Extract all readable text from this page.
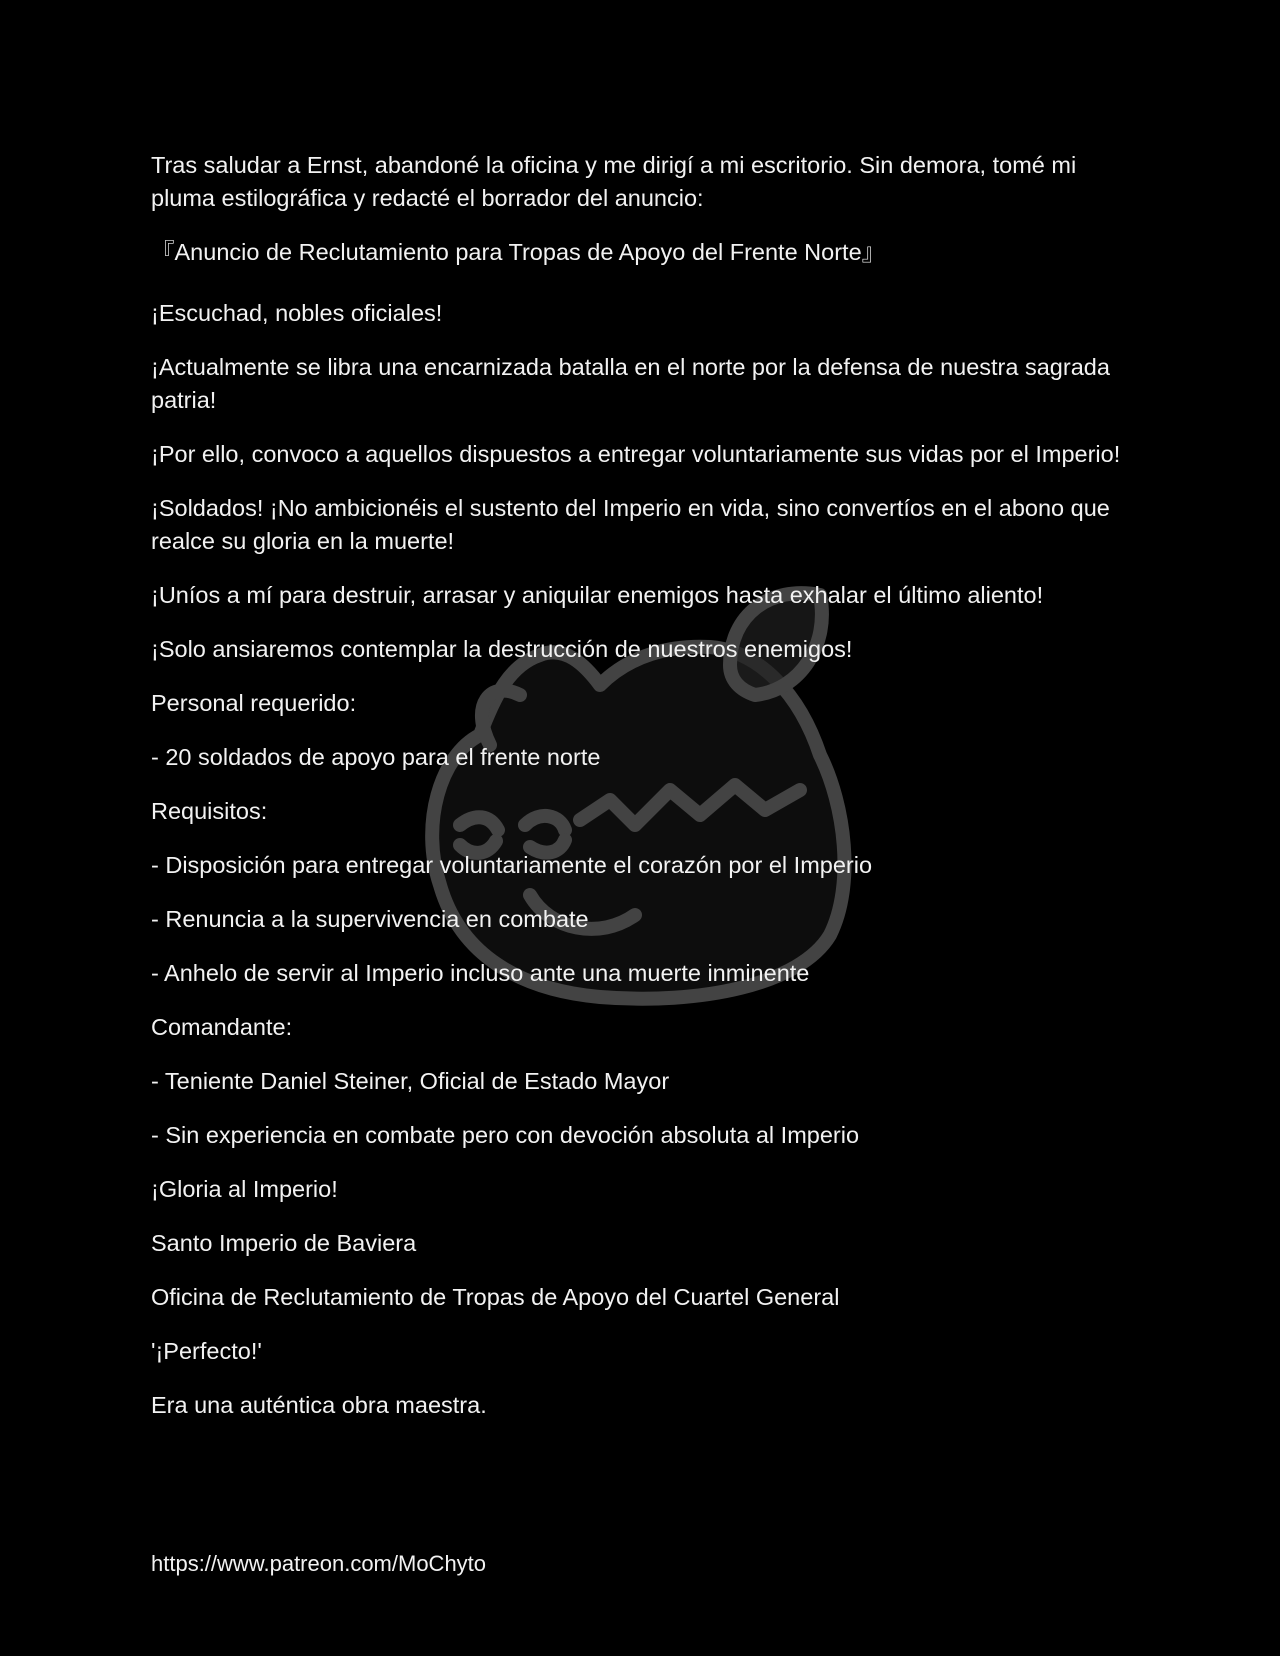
Tras saludar a Ernst, abandoné la oficina y me dirigí a mi escritorio. Sin demora, tomé mi pluma estilográfica y redacté el borrador del anuncio:

『Anuncio de Reclutamiento para Tropas de Apoyo del Frente Norte』

¡Escuchad, nobles oficiales!

¡Actualmente se libra una encarnizada batalla en el norte por la defensa de nuestra sagrada patria!

¡Por ello, convoco a aquellos dispuestos a entregar voluntariamente sus vidas por el Imperio!

¡Soldados! ¡No ambicionéis el sustento del Imperio en vida, sino convertíos en el abono que realce su gloria en la muerte!

¡Uníos a mí para destruir, arrasar y aniquilar enemigos hasta exhalar el último aliento!

¡Solo ansiaremos contemplar la destrucción de nuestros enemigos!

Personal requerido:

- 20 soldados de apoyo para el frente norte

Requisitos:

- Disposición para entregar voluntariamente el corazón por el Imperio

- Renuncia a la supervivencia en combate

- Anhelo de servir al Imperio incluso ante una muerte inminente

Comandante:

- Teniente Daniel Steiner, Oficial de Estado Mayor

- Sin experiencia en combate pero con devoción absoluta al Imperio

¡Gloria al Imperio!

Santo Imperio de Baviera

Oficina de Reclutamiento de Tropas de Apoyo del Cuartel General

'¡Perfecto!'

Era una auténtica obra maestra.

https://www.patreon.com/MoChyto
